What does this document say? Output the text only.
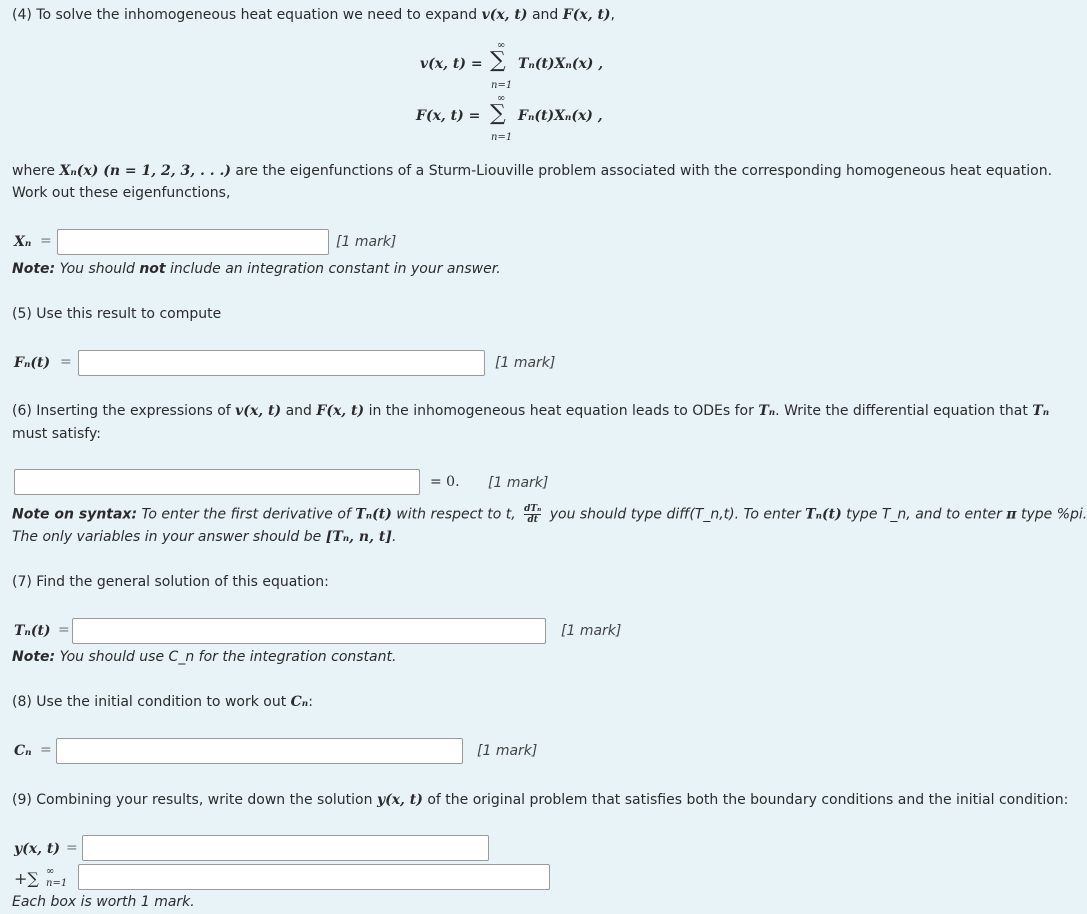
(4) To solve the inhomogeneous heat equation we need to expand v(x, t) and F(x, t),
v(x, t) =
∞
∑
n=1
Tₙ(t)Xₙ(x) ,
F(x, t) =
∞
∑
n=1
Fₙ(t)Xₙ(x) ,
where Xₙ(x) (n = 1, 2, 3, . . .) are the eigenfunctions of a Sturm-Liouville problem associated with the corresponding homogeneous heat equation.
Work out these eigenfunctions,
Xₙ =	[1 mark]
Note: You should not include an integration constant in your answer.
(5) Use this result to compute
Fₙ(t) =	[1 mark]
(6) Inserting the expressions of v(x, t) and F(x, t) in the inhomogeneous heat equation leads to ODEs for Tₙ. Write the differential equation that Tₙ
must satisfy:
= 0. [1 mark]
Note on syntax: To enter the first derivative of Tₙ(t) with respect to t, dTₙ
dt you should type diff(T_n,t). To enter Tₙ(t) type T_n, and to enter π type %pi.
The only variables in your answer should be [Tₙ, n, t].
(7) Find the general solution of this equation:
Tₙ(t) =	[1 mark]
Note: You should use C_n for the integration constant.
(8) Use the initial condition to work out Cₙ:
Cₙ =	[1 mark]
(9) Combining your results, write down the solution y(x, t) of the original problem that satisfies both the boundary conditions and the initial condition:
y(x, t) =
+∑ ∞
n=1
Each box is worth 1 mark.
